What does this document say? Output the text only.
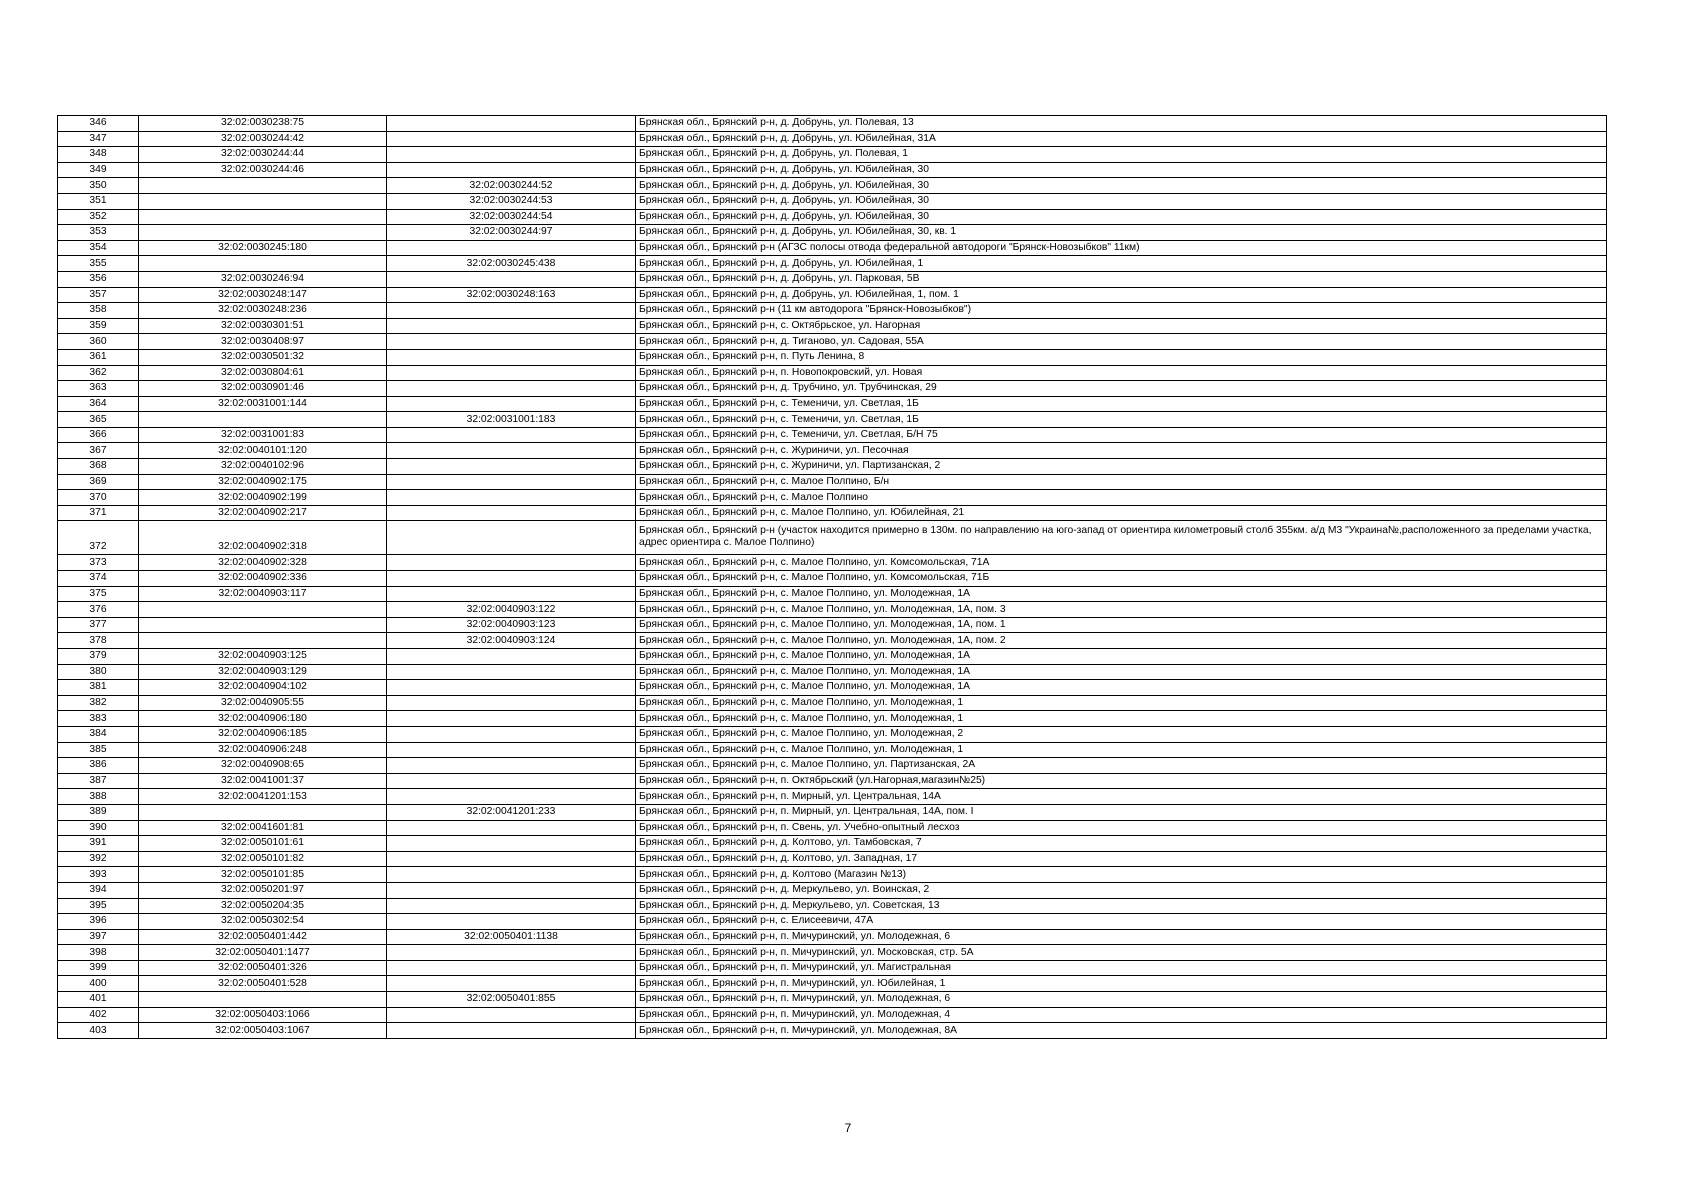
346	32:02:0030238:75		Брянская обл., Брянский р-н, д. Добрунь, ул. Полевая, 13
347	32:02:0030244:42		Брянская обл., Брянский р-н, д. Добрунь, ул. Юбилейная, 31А
348	32:02:0030244:44		Брянская обл., Брянский р-н, д. Добрунь, ул. Полевая, 1
349	32:02:0030244:46		Брянская обл., Брянский р-н, д. Добрунь, ул. Юбилейная, 30
350		32:02:0030244:52	Брянская обл., Брянский р-н, д. Добрунь, ул. Юбилейная, 30
351		32:02:0030244:53	Брянская обл., Брянский р-н, д. Добрунь, ул. Юбилейная, 30
352		32:02:0030244:54	Брянская обл., Брянский р-н, д. Добрунь, ул. Юбилейная, 30
353		32:02:0030244:97	Брянская обл., Брянский р-н, д. Добрунь, ул. Юбилейная, 30, кв. 1
354	32:02:0030245:180		Брянская обл., Брянский р-н (АГЗС полосы отвода федеральной автодороги "Брянск-Новозыбков" 11км)
355		32:02:0030245:438	Брянская обл., Брянский р-н, д. Добрунь, ул. Юбилейная, 1
356	32:02:0030246:94		Брянская обл., Брянский р-н, д. Добрунь, ул. Парковая, 5В
357	32:02:0030248:147	32:02:0030248:163	Брянская обл., Брянский р-н, д. Добрунь, ул. Юбилейная, 1, пом. 1
358	32:02:0030248:236		Брянская обл., Брянский р-н (11 км автодорога "Брянск-Новозыбков")
359	32:02:0030301:51		Брянская обл., Брянский р-н, с. Октябрьское, ул. Нагорная
360	32:02:0030408:97		Брянская обл., Брянский р-н, д. Тиганово, ул. Садовая, 55А
361	32:02:0030501:32		Брянская обл., Брянский р-н, п. Путь Ленина, 8
362	32:02:0030804:61		Брянская обл., Брянский р-н, п. Новопокровский, ул. Новая
363	32:02:0030901:46		Брянская обл., Брянский р-н, д. Трубчино, ул. Трубчинская, 29
364	32:02:0031001:144		Брянская обл., Брянский р-н, с. Теменичи, ул. Светлая, 1Б
365		32:02:0031001:183	Брянская обл., Брянский р-н, с. Теменичи, ул. Светлая, 1Б
366	32:02:0031001:83		Брянская обл., Брянский р-н, с. Теменичи, ул. Светлая, Б/Н 75
367	32:02:0040101:120		Брянская обл., Брянский р-н, с. Журиничи, ул. Песочная
368	32:02:0040102:96		Брянская обл., Брянский р-н, с. Журиничи, ул. Партизанская, 2
369	32:02:0040902:175		Брянская обл., Брянский р-н, с. Малое Полпино, Б/н
370	32:02:0040902:199		Брянская обл., Брянский р-н, с. Малое Полпино
371	32:02:0040902:217		Брянская обл., Брянский р-н, с. Малое Полпино, ул. Юбилейная, 21
372	32:02:0040902:318		Брянская обл., Брянский р-н (участок находится примерно в 130м. по направлению на юго-запад от ориентира километровый столб 355км. а/д М3 "Украина№,расположенного за пределами участка, адрес ориентира с. Малое Полпино)
373	32:02:0040902:328		Брянская обл., Брянский р-н, с. Малое Полпино, ул. Комсомольская, 71А
374	32:02:0040902:336		Брянская обл., Брянский р-н, с. Малое Полпино, ул. Комсомольская, 71Б
375	32:02:0040903:117		Брянская обл., Брянский р-н, с. Малое Полпино, ул. Молодежная, 1А
376		32:02:0040903:122	Брянская обл., Брянский р-н, с. Малое Полпино, ул. Молодежная, 1А, пом. 3
377		32:02:0040903:123	Брянская обл., Брянский р-н, с. Малое Полпино, ул. Молодежная, 1А, пом. 1
378		32:02:0040903:124	Брянская обл., Брянский р-н, с. Малое Полпино, ул. Молодежная, 1А, пом. 2
379	32:02:0040903:125		Брянская обл., Брянский р-н, с. Малое Полпино, ул. Молодежная, 1А
380	32:02:0040903:129		Брянская обл., Брянский р-н, с. Малое Полпино, ул. Молодежная, 1А
381	32:02:0040904:102		Брянская обл., Брянский р-н, с. Малое Полпино, ул. Молодежная, 1А
382	32:02:0040905:55		Брянская обл., Брянский р-н, с. Малое Полпино, ул. Молодежная, 1
383	32:02:0040906:180		Брянская обл., Брянский р-н, с. Малое Полпино, ул. Молодежная, 1
384	32:02:0040906:185		Брянская обл., Брянский р-н, с. Малое Полпино, ул. Молодежная, 2
385	32:02:0040906:248		Брянская обл., Брянский р-н, с. Малое Полпино, ул. Молодежная, 1
386	32:02:0040908:65		Брянская обл., Брянский р-н, с. Малое Полпино, ул. Партизанская, 2А
387	32:02:0041001:37		Брянская обл., Брянский р-н, п. Октябрьский (ул.Нагорная,магазин№25)
388	32:02:0041201:153		Брянская обл., Брянский р-н, п. Мирный, ул. Центральная, 14А
389		32:02:0041201:233	Брянская обл., Брянский р-н, п. Мирный, ул. Центральная, 14А, пом. I
390	32:02:0041601:81		Брянская обл., Брянский р-н, п. Свень, ул. Учебно-опытный лесхоз
391	32:02:0050101:61		Брянская обл., Брянский р-н, д. Колтово, ул. Тамбовская, 7
392	32:02:0050101:82		Брянская обл., Брянский р-н, д. Колтово, ул. Западная, 17
393	32:02:0050101:85		Брянская обл., Брянский р-н, д. Колтово (Магазин №13)
394	32:02:0050201:97		Брянская обл., Брянский р-н, д. Меркульево, ул. Воинская, 2
395	32:02:0050204:35		Брянская обл., Брянский р-н, д. Меркульево, ул. Советская, 13
396	32:02:0050302:54		Брянская обл., Брянский р-н, с. Елисеевичи, 47А
397	32:02:0050401:442	32:02:0050401:1138	Брянская обл., Брянский р-н, п. Мичуринский, ул. Молодежная, 6
398	32:02:0050401:1477		Брянская обл., Брянский р-н, п. Мичуринский, ул. Московская, стр. 5А
399	32:02:0050401:326		Брянская обл., Брянский р-н, п. Мичуринский, ул. Магистральная
400	32:02:0050401:528		Брянская обл., Брянский р-н, п. Мичуринский, ул. Юбилейная, 1
401		32:02:0050401:855	Брянская обл., Брянский р-н, п. Мичуринский, ул. Молодежная, 6
402	32:02:0050403:1066		Брянская обл., Брянский р-н, п. Мичуринский, ул. Молодежная, 4
403	32:02:0050403:1067		Брянская обл., Брянский р-н, п. Мичуринский, ул. Молодежная, 8А
7
